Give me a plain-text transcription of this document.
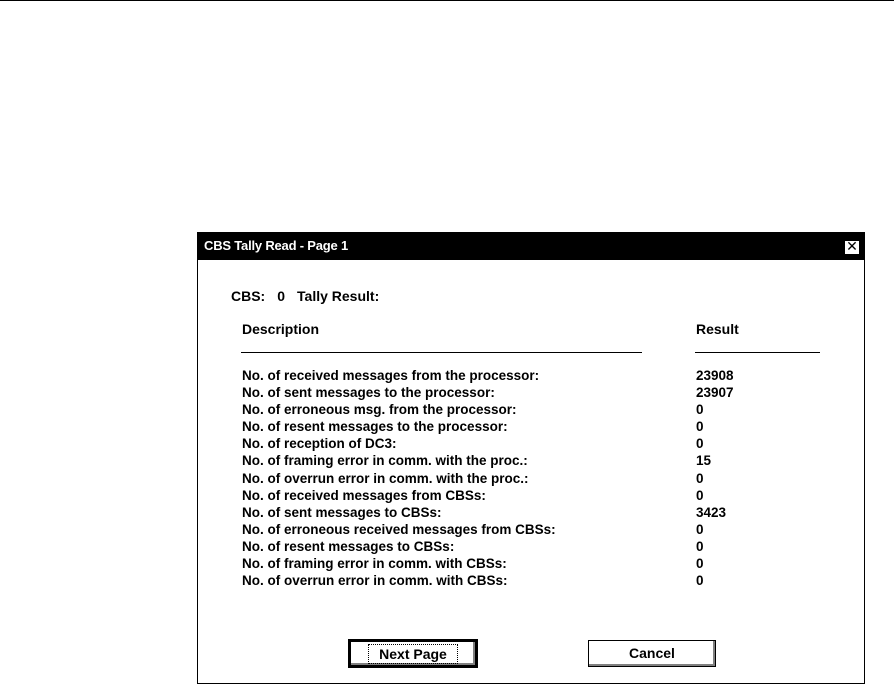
CBS Tally Read - Page 1	✕
CBS: 0 Tally Result:
Description	Result
No. of received messages from the processor:	23908
No. of sent messages to the processor:	23907
No. of erroneous msg. from the processor:	0
No. of resent messages to the processor:	0
No. of reception of DC3:	0
No. of framing error in comm. with the proc.:	15
No. of overrun error in comm. with the proc.:	0
No. of received messages from CBSs:	0
No. of sent messages to CBSs:	3423
No. of erroneous received messages from CBSs:	0
No. of resent messages to CBSs:	0
No. of framing error in comm. with CBSs:	0
No. of overrun error in comm. with CBSs:	0
Next Page	Cancel
